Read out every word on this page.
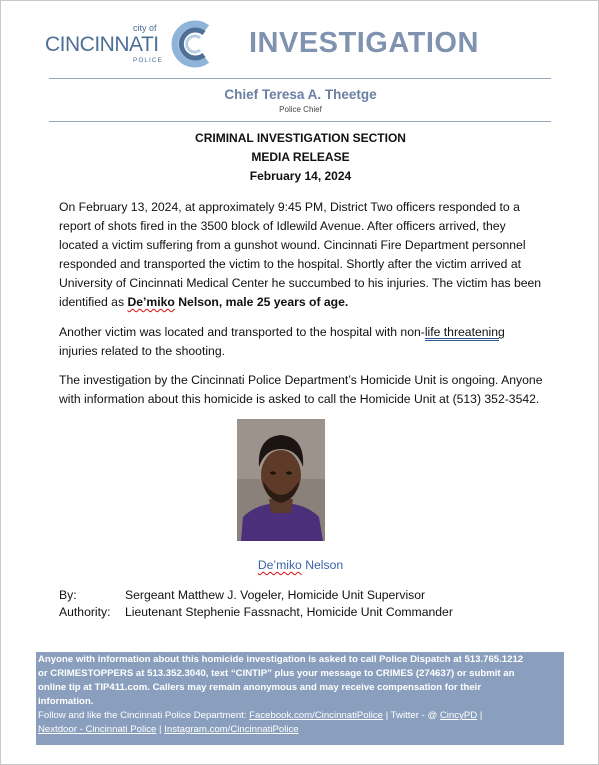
city of
CINCINNATI
POLICE
INVESTIGATION
Chief Teresa A. Theetge
Police Chief
CRIMINAL INVESTIGATION SECTION
MEDIA RELEASE
February 14, 2024

On February 13, 2024, at approximately 9:45 PM, District Two officers responded to a

report of shots fired in the 3500 block of Idlewild Avenue. After officers arrived, they

located a victim suffering from a gunshot wound. Cincinnati Fire Department personnel

responded and transported the victim to the hospital. Shortly after the victim arrived at

University of Cincinnati Medical Center he succumbed to his injuries. The victim has been

identified as De’miko Nelson, male 25 years of age.

Another victim was located and transported to the hospital with non-life threatening

injuries related to the shooting.

The investigation by the Cincinnati Police Department’s Homicide Unit is ongoing. Anyone

with information about this homicide is asked to call the Homicide Unit at (513) 352-3542.

De’miko Nelson
By:	Sergeant Matthew J. Vogeler, Homicide Unit Supervisor
Authority: Lieutenant Stephenie Fassnacht, Homicide Unit Commander
Anyone with information about this homicide investigation is asked to call Police Dispatch at 513.765.1212
or CRIMESTOPPERS at 513.352.3040, text “CINTIP” plus your message to CRIMES (274637) or submit an
online tip at TIP411.com. Callers may remain anonymous and may receive compensation for their
information.
Follow and like the Cincinnati Police Department: Facebook.com/CincinnatiPolice | Twitter - @ CincyPD |
Nextdoor - Cincinnati Police | Instagram.com/CincinnatiPolice
